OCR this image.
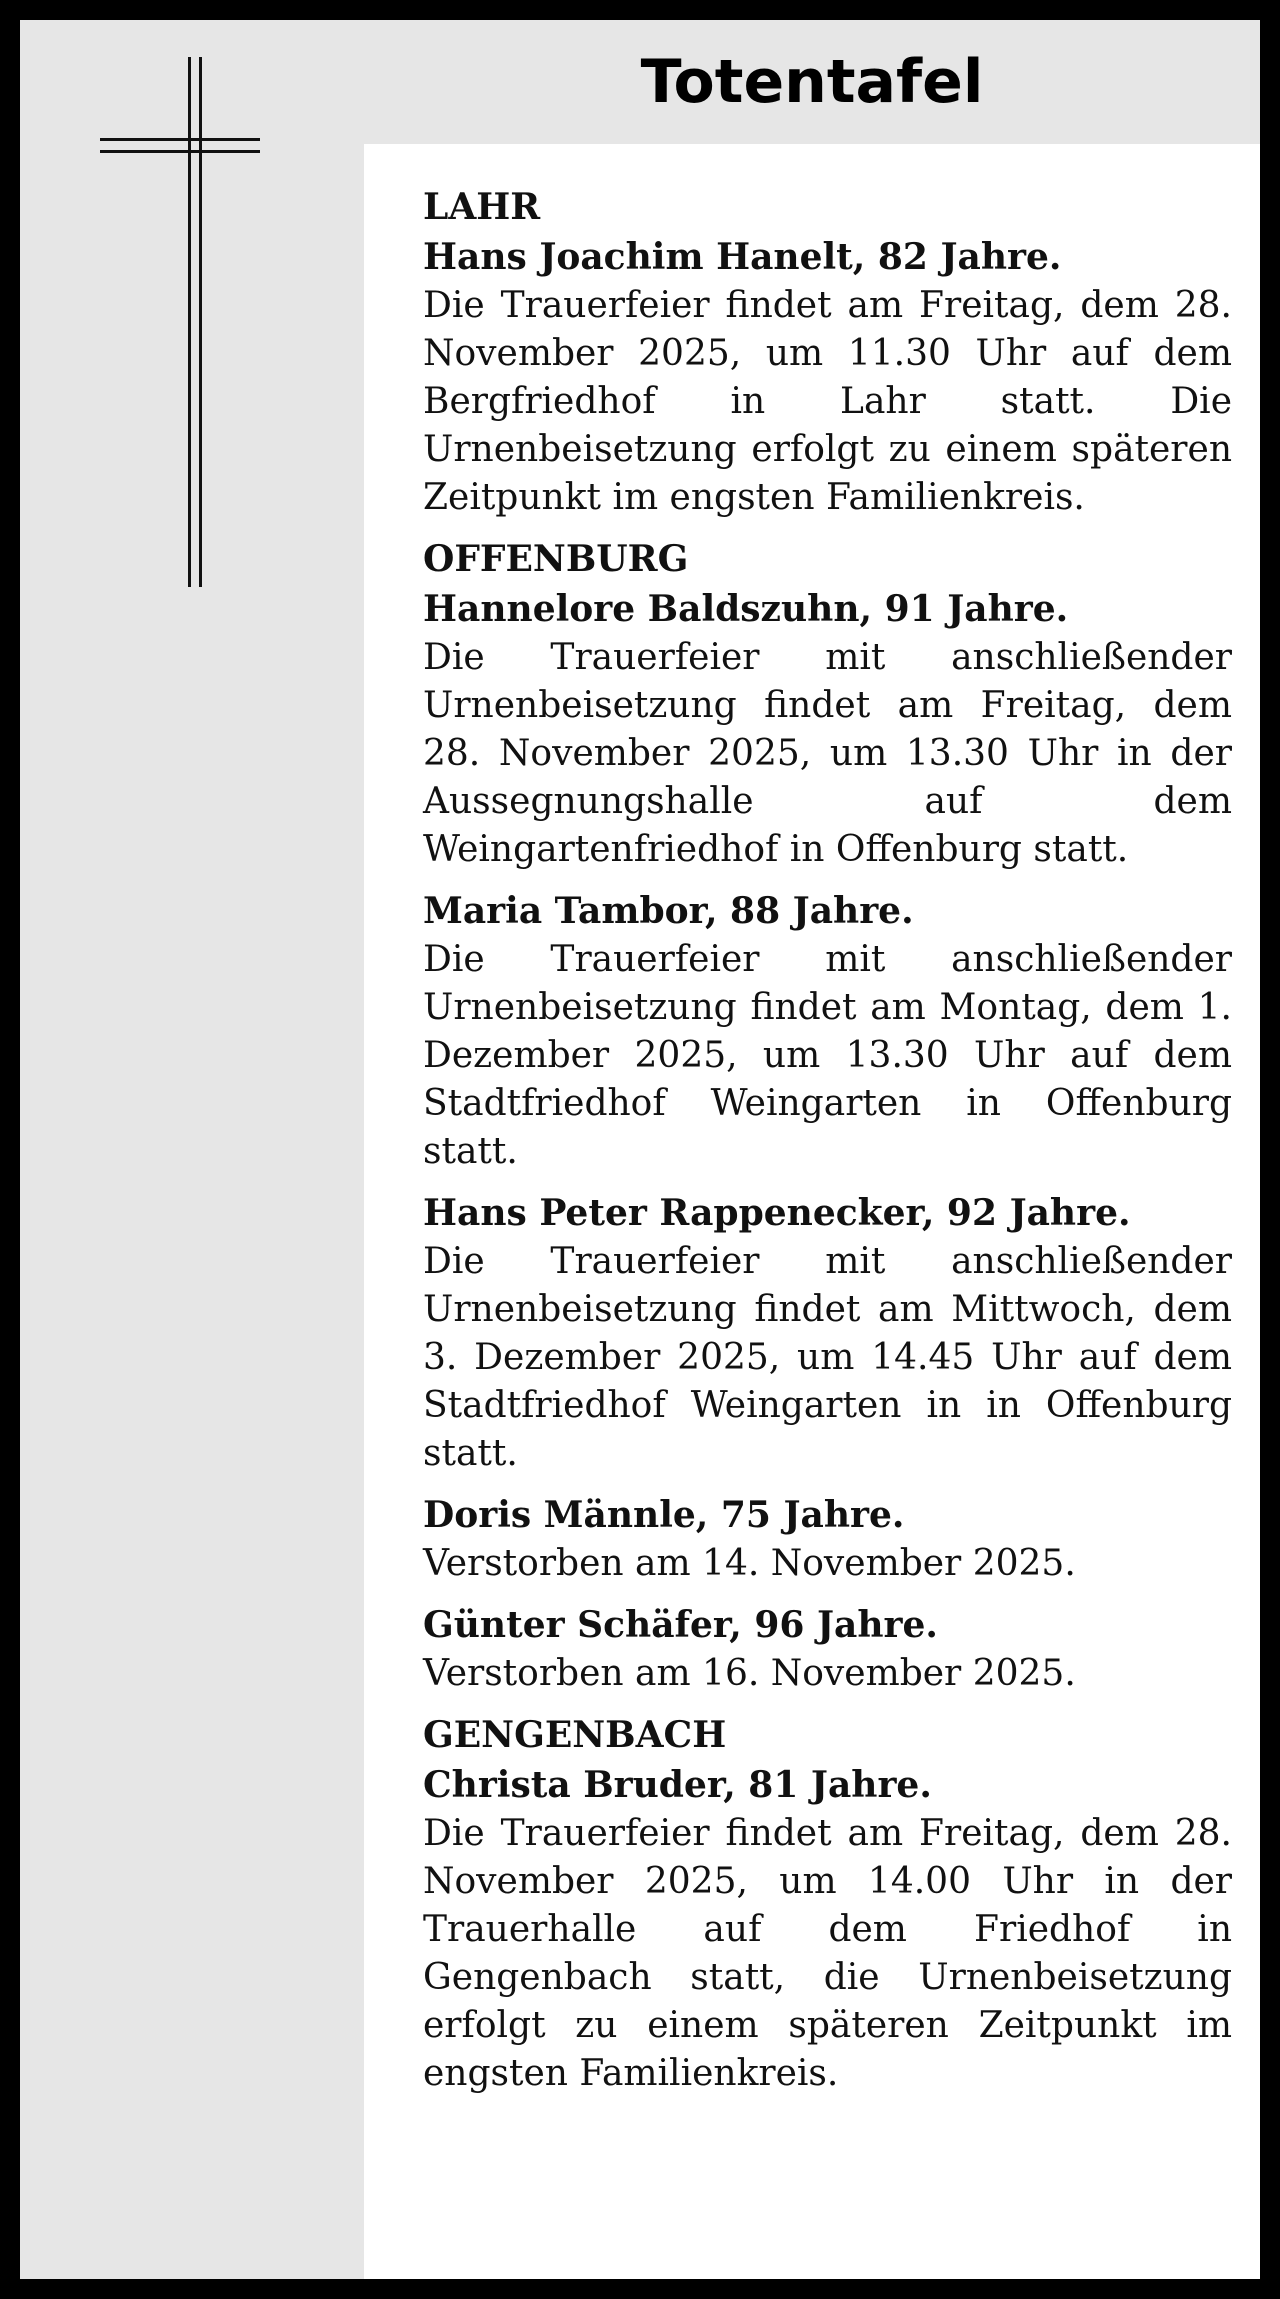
Totentafel

LAHR

Hans Joachim Hanelt, 82 Jahre.

Die Trauerfeier findet am Freitag, dem 28. November 2025, um 11.30 Uhr auf dem Bergfriedhof in Lahr statt. Die Urnenbeisetzung erfolgt zu einem späteren Zeitpunkt im engsten Familienkreis.

OFFENBURG

Hannelore Baldszuhn, 91 Jahre.

Die Trauerfeier mit anschließender Urnenbeisetzung findet am Freitag, dem 28. November 2025, um 13.30 Uhr in der Aussegnungshalle auf dem Weingartenfriedhof in Offenburg statt.

Maria Tambor, 88 Jahre.

Die Trauerfeier mit anschließender Urnenbeisetzung findet am Montag, dem 1. Dezember 2025, um 13.30 Uhr auf dem Stadtfriedhof Weingarten in Offenburg statt.

Hans Peter Rappenecker, 92 Jahre.

Die Trauerfeier mit anschließender Urnenbeisetzung findet am Mittwoch, dem 3. Dezember 2025, um 14.45 Uhr auf dem Stadtfriedhof Weingarten in in Offenburg statt.

Doris Männle, 75 Jahre.

Verstorben am 14. November 2025.

Günter Schäfer, 96 Jahre.

Verstorben am 16. November 2025.

GENGENBACH

Christa Bruder, 81 Jahre.

Die Trauerfeier findet am Freitag, dem 28. November 2025, um 14.00 Uhr in der Trauerhalle auf dem Friedhof in Gengenbach statt, die Urnenbeisetzung erfolgt zu einem späteren Zeitpunkt im engsten Familienkreis.
